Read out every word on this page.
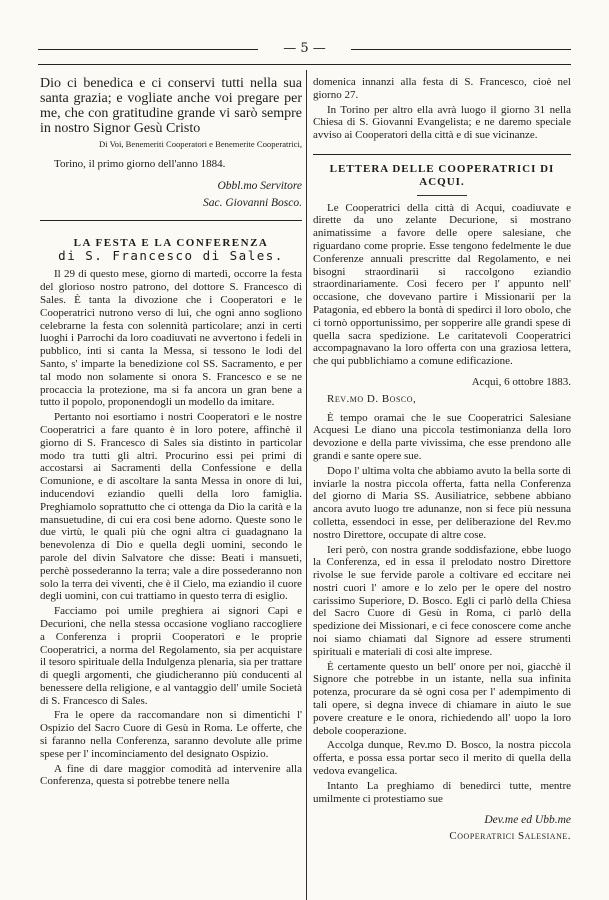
— 5 —

Dio ci benedica e ci conservi tutti nella sua santa grazia; e vogliate anche voi pregare per me, che con gratitudine grande vi sarò sempre in nostro Signor Gesù Cristo

Di Voi, Benemeriti Cooperatori e Benemerite Cooperatrici,

Torino, il primo giorno dell'anno 1884.

Obbl.mo Servitore

Sac. Giovanni Bosco.

LA FESTA E LA CONFERENZA

di S. Francesco di Sales.

Il 29 di questo mese, giorno di martedì, occorre la festa del glorioso nostro patrono, del dottore S. Francesco di Sales. È tanta la divozione che i Cooperatori e le Cooperatrici nutrono verso di lui, che ogni anno sogliono celebrarne la festa con solennità particolare; anzi in certi luoghi i Parrochi da loro coadiuvati ne avvertono i fedeli in pubblico, inti si canta la Messa, si tessono le lodi del Santo, s' imparte la benedizione col SS. Sacramento, e per tal modo non solamente si onora S. Francesco e se ne procaccia la protezione, ma si fa ancora un gran bene a tutto il popolo, proponendogli un modello da imitare.

Pertanto noi esortiamo i nostri Cooperatori e le nostre Cooperatrici a fare quanto è in loro potere, affinchè il giorno di S. Francesco di Sales sia distinto in particolar modo tra tutti gli altri. Procurino essi pei primi di accostarsi ai Sacramenti della Confessione e della Comunione, e di ascoltare la santa Messa in onore di lui, inducendovi eziandio quelli della loro famiglia. Preghiamolo soprattutto che ci ottenga da Dio la carità e la mansuetudine, di cui era così bene adorno. Queste sono le due virtù, le quali più che ogni altra ci guadagnano la benevolenza di Dio e quella degli uomini, secondo le parole del divin Salvatore che disse: Beati i mansueti, perchè possederanno la terra; vale a dire possederanno non solo la terra dei viventi, che è il Cielo, ma eziandio il cuore degli uomini, con cui trattiamo in questo terra di esiglio.

Facciamo poi umile preghiera ai signori Capi e Decurioni, che nella stessa occasione vogliano raccogliere a Conferenza i proprii Cooperatori e le proprie Cooperatrici, a norma del Regolamento, sia per acquistare il tesoro spirituale della Indulgenza plenaria, sia per trattare di quegli argomenti, che giudicheranno più conducenti al benessere della religione, e al vantaggio dell' umile Società di S. Francesco di Sales.

Fra le opere da raccomandare non si dimentichi l' Ospizio del Sacro Cuore di Gesù in Roma. Le offerte, che si faranno nella Conferenza, saranno devolute alle prime spese per l' incominciamento del designato Ospizio.

A fine di dare maggior comodità ad intervenire alla Conferenza, questa si potrebbe tenere nella

domenica innanzi alla festa di S. Francesco, cioè nel giorno 27.

In Torino per altro ella avrà luogo il giorno 31 nella Chiesa di S. Giovanni Evangelista; e ne daremo speciale avviso ai Cooperatori della città e di sue vicinanze.

LETTERA DELLE COOPERATRICI DI ACQUI.

Le Cooperatrici della città di Acqui, coadiuvate e dirette da uno zelante Decurione, si mostrano animatissime a favore delle opere salesiane, che riguardano come proprie. Esse tengono fedelmente le due Conferenze annuali prescritte dal Regolamento, e nei bisogni straordinarii si raccolgono eziandio straordinariamente. Così fecero per l' appunto nell' occasione, che dovevano partire i Missionarii per la Patagonia, ed ebbero la bontà di spedirci il loro obolo, che ci tornò opportunissimo, per sopperire alle grandi spese di quella sacra spedizione. Le caritatevoli Cooperatrici accompagnavano la loro offerta con una graziosa lettera, che qui pubblichiamo a comune edificazione.

Acqui, 6 ottobre 1883.

Rev.mo D. Bosco,

È tempo oramai che le sue Cooperatrici Salesiane Acquesi Le diano una piccola testimonianza della loro devozione e della parte vivissima, che esse prendono alle grandi e sante opere sue.

Dopo l' ultima volta che abbiamo avuto la bella sorte di inviarle la nostra piccola offerta, fatta nella Conferenza del giorno di Maria SS. Ausiliatrice, sebbene abbiano ancora avuto luogo tre adunanze, non si fece più nessuna colletta, essendoci in esse, per deliberazione del Rev.mo nostro Direttore, occupate di altre cose.

Ieri però, con nostra grande soddisfazione, ebbe luogo la Conferenza, ed in essa il prelodato nostro Direttore rivolse le sue fervide parole a coltivare ed eccitare nei nostri cuori l' amore e lo zelo per le opere del nostro carissimo Superiore, D. Bosco. Egli ci parlò della Chiesa del Sacro Cuore di Gesù in Roma, ci parlò della spedizione dei Missionari, e ci fece conoscere come anche noi siamo chiamati dal Signore ad essere strumenti spirituali e materiali di così alte imprese.

È certamente questo un bell' onore per noi, giacchè il Signore che potrebbe in un istante, nella sua infinita potenza, procurare da sè ogni cosa per l' adempimento di tali opere, si degna invece di chiamare in aiuto le sue povere creature e le onora, richiedendo all' uopo la loro debole cooperazione.

Accolga dunque, Rev.mo D. Bosco, la nostra piccola offerta, e possa essa portar seco il merito di quella della vedova evangelica.

Intanto La preghiamo di benedirci tutte, mentre umilmente ci protestiamo sue

Dev.me ed Ubb.me

Cooperatrici Salesiane.
